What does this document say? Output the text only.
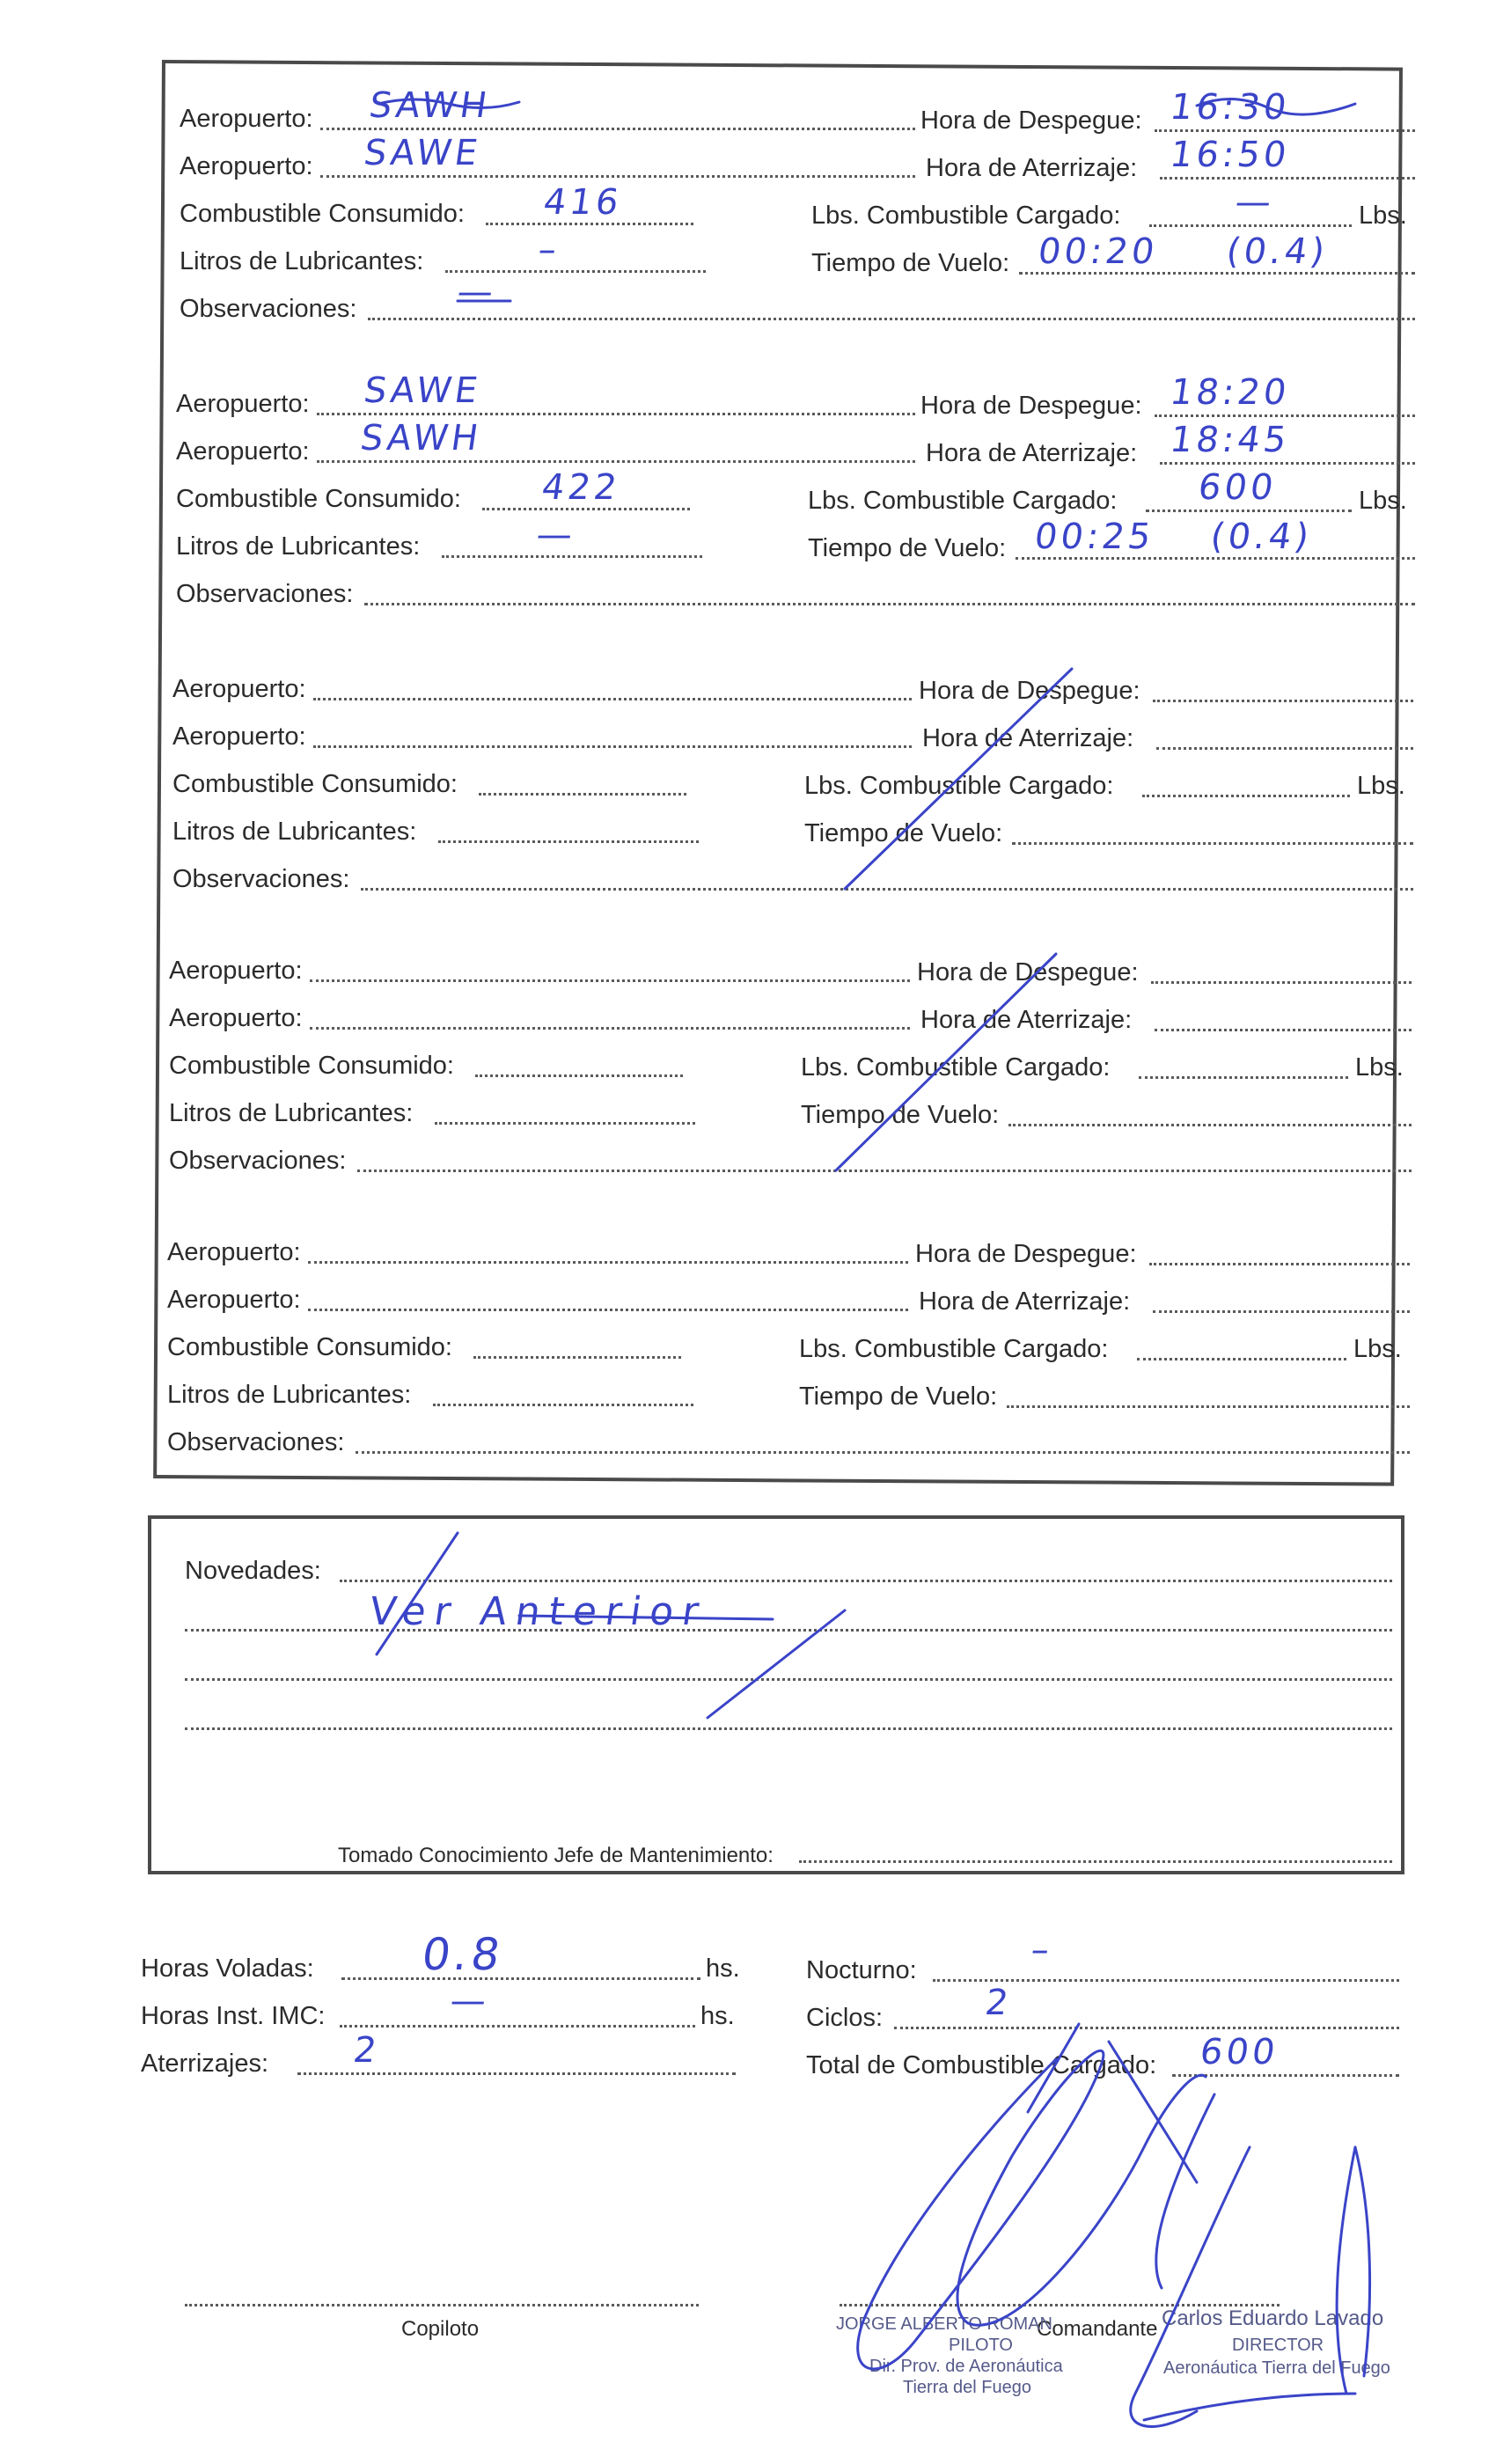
Aeropuerto: SAWH	Hora de Despegue: 16:30
Aeropuerto: SAWE	Hora de Aterrizaje: 16:50
Combustible Consumido: 416	Lbs. Combustible Cargado:	—	Lbs.
Litros de Lubricantes:	–	Tiempo de Vuelo: 00:20 (0.4)
Observaciones:	—
Aeropuerto: SAWE	Hora de Despegue: 18:20
Aeropuerto: SAWH	Hora de Aterrizaje: 18:45
Combustible Consumido: 422	Lbs. Combustible Cargado: 600	Lbs.
Litros de Lubricantes:	—	Tiempo de Vuelo: 00:25 (0.4)
Observaciones:
Aeropuerto:	Hora de Despegue:
Aeropuerto:	Hora de Aterrizaje:
Combustible Consumido:	Lbs. Combustible Cargado:	Lbs.
Litros de Lubricantes:	Tiempo de Vuelo:
Observaciones:
Aeropuerto:	Hora de Despegue:
Aeropuerto:	Hora de Aterrizaje:
Combustible Consumido:	Lbs. Combustible Cargado:	Lbs.
Litros de Lubricantes:	Tiempo de Vuelo:
Observaciones:
Aeropuerto:	Hora de Despegue:
Aeropuerto:	Hora de Aterrizaje:
Combustible Consumido:	Lbs. Combustible Cargado:	Lbs.
Litros de Lubricantes:	Tiempo de Vuelo:
Observaciones:
Novedades:
Ver Anterior
Tomado Conocimiento Jefe de Mantenimiento:
Horas Voladas: 0.8	hs.
Horas Inst. IMC:	—	hs.
Aterrizajes: 2
Nocturno:	–
Ciclos:	2
Total de Combustible Cargado: 600
Copiloto	Comandante
JORGE ALBERTO ROMAN
PILOTO
Dir. Prov. de Aeronáutica
Tierra del Fuego
Carlos Eduardo Lavado
DIRECTOR
Aeronáutica Tierra del Fuego
